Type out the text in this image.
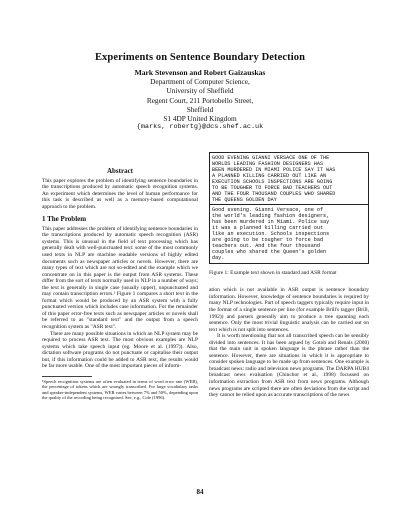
Experiments on Sentence Boundary Detection
Mark Stevenson and Robert Gaizauskas
Department of Computer Science,
University of Sheffield
Regent Court, 211 Portobello Street,
Sheffield
S1 4DP United Kingdom
{marks, robertg}@dcs.shef.ac.uk
Abstract

This paper explores the problem of identifying sentence boundaries in the transcriptions produced by automatic speech recognition systems. An experiment which determines the level of human performance for this task is described as well as a memory-based computational approach to the problem.

1 The Problem

This paper addresses the problem of identifying sentence boundaries in the transcriptions produced by automatic speech recognition (ASR) systems. This is unusual in the field of text processing which has generally dealt with well-punctuated text: some of the most commonly used texts in NLP are machine readable versions of highly edited documents such as newspaper articles or novels. However, there are many types of text which are not so-edited and the example which we concentrate on in this paper is the output from ASR systems. These differ from the sort of texts normally used in NLP in a number of ways; the text is generally in single case (usually upper), unpunctuated and may contain transcription errors.¹ Figure 1 compares a short text in the format which would be produced by an ASR system with a fully punctuated version which includes case information. For the remainder of this paper error-free texts such as newspaper articles or novels shall be referred to as "standard text" and the output from a speech recognition system as "ASR text".

There are many possible situations in which an NLP system may be required to process ASR text. The most obvious examples are NLP systems which take speech input (eg. Moore et al. (1997)). Also, dictation software programs do not punctuate or capitalise their output but, if this information could be added to ASR text, the results would be far more usable. One of the most important pieces of inform-

¹Speech recognition systems are often evaluated in terms of word error rate (WER), the percentage of tokens which are wrongly transcribed. For large vocabulary tasks and speaker-independent systems, WER varies between 7% and 50%, depending upon the quality of the recording being recognised. See, e.g., Cole (1996).

GOOD EVENING GIANNI VERSACE ONE OF THE
WORLDS LEADING FASHION DESIGNERS HAS
BEEN MURDERED IN MIAMI POLICE SAY IT WAS
A PLANNED KILLING CARRIED OUT LIKE AN
EXECUTION SCHOOLS INSPECTIONS ARE GOING
TO BE TOUGHER TO FORCE BAD TEACHERS OUT
AND THE FOUR THOUSAND COUPLES WHO SHARED
THE QUEENS GOLDEN DAY
Good evening. Gianni Versace, one of
the world's leading fashion designers,
has been murdered in Miami. Police say
it was a planned killing carried out
like an execution. Schools inspections
are going to be tougher to force bad
teachers out. And the four thousand
couples who shared the Queen's golden
day.
Figure 1: Example text shown in standard and ASR format

ation which is not available in ASR output is sentence boundary information. However, knowledge of sentence boundaries is required by many NLP technologies. Part of speech taggers typically require input in the format of a single sentence per line (for example Brill's tagger (Brill, 1992)) and parsers generally aim to produce a tree spanning each sentence. Only the most trivial linguistic analysis can be carried out on text which is not split into sentences.

It is worth mentioning that not all transcribed speech can be sensibly divided into sentences. It has been argued by Gotoh and Renals (2000) that the main unit in spoken language is the phrase rather than the sentence. However, there are situations in which it is appropriate to consider spoken language to be made up from sentences. One example is broadcast news: radio and television news programs. The DARPA HUB4 broadcast news evaluation (Chinchor et al., 1998) focussed on information extraction from ASR text from news programs. Although news programs are scripted there are often deviations from the script and they cannot be relied upon as accurate transcriptions of the news

84
